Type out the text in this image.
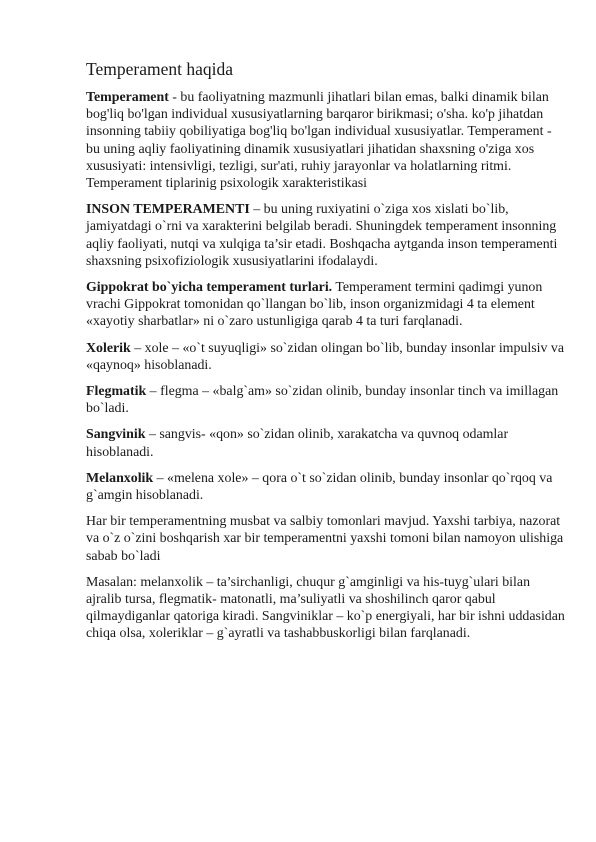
Temperament haqida

Temperament - bu faoliyatning mazmunli jihatlari bilan emas, balki dinamik bilan bog'liq bo'lgan individual xususiyatlarning barqaror birikmasi; o'sha. ko'p jihatdan insonning tabiiy qobiliyatiga bog'liq bo'lgan individual xususiyatlar. Temperament - bu uning aqliy faoliyatining dinamik xususiyatlari jihatidan shaxsning o'ziga xos xususiyati: intensivligi, tezligi, sur'ati, ruhiy jarayonlar va holatlarning ritmi. Temperament tiplarinig psixologik xarakteristikasi

INSON TEMPERAMENTI – bu uning ruxiyatini o`ziga xos xislati bo`lib, jamiyatdagi o`rni va xarakterini belgilab beradi. Shuningdek temperament insonning aqliy faoliyati, nutqi va xulqiga ta’sir etadi. Boshqacha aytganda inson temperamenti shaxsning psixofiziologik xususiyatlarini ifodalaydi.

Gippokrat bo`yicha temperament turlari. Temperament termini qadimgi yunon vrachi Gippokrat tomonidan qo`llangan bo`lib, inson organizmidagi 4 ta element «xayotiy sharbatlar» ni o`zaro ustunligiga qarab 4 ta turi farqlanadi.

Xolerik – xole – «o`t suyuqligi» so`zidan olingan bo`lib, bunday insonlar impulsiv va «qaynoq» hisoblanadi.

Flegmatik – flegma – «balg`am» so`zidan olinib, bunday insonlar tinch va imillagan bo`ladi.

Sangvinik – sangvis- «qon» so`zidan olinib, xarakatcha va quvnoq odamlar hisoblanadi.

Melanxolik – «melena xole» – qora o`t so`zidan olinib, bunday insonlar qo`rqoq va g`amgin hisoblanadi.

Har bir temperamentning musbat va salbiy tomonlari mavjud. Yaxshi tarbiya, nazorat va o`z o`zini boshqarish xar bir temperamentni yaxshi tomoni bilan namoyon ulishiga sabab bo`ladi

Masalan: melanxolik – ta’sirchanligi, chuqur g`amginligi va his-tuyg`ulari bilan ajralib tursa, flegmatik- matonatli, ma’suliyatli va shoshilinch qaror qabul qilmaydiganlar qatoriga kiradi. Sangviniklar – ko`p energiyali, har bir ishni uddasidan chiqa olsa, xoleriklar – g`ayratli va tashabbuskorligi bilan farqlanadi.
